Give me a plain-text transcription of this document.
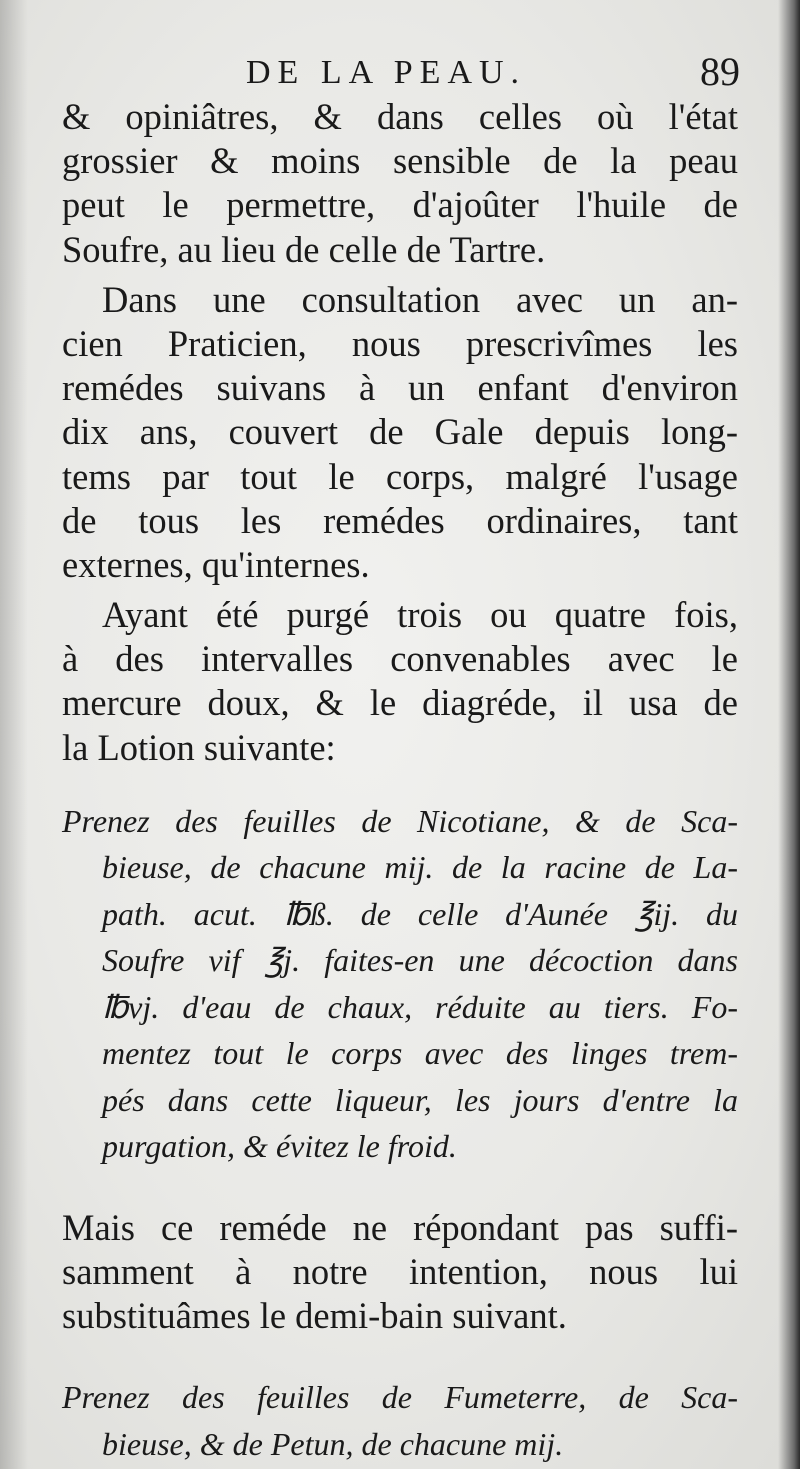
DE LA PEAU.	89

& opiniâtres, & dans celles où l'état
grossier & moins sensible de la peau
peut le permettre, d'ajoûter l'huile de
Soufre, au lieu de celle de Tartre.

Dans une consultation avec un an-
cien Praticien, nous prescrivîmes les
remédes suivans à un enfant d'environ
dix ans, couvert de Gale depuis long-
tems par tout le corps, malgré l'usage
de tous les remédes ordinaires, tant
externes, qu'internes.

Ayant été purgé trois ou quatre fois,
à des intervalles convenables avec le
mercure doux, & le diagréde, il usa de
la Lotion suivante:

Prenez des feuilles de Nicotiane, & de Sca-
bieuse, de chacune mij. de la racine de La-
path. acut. ℔ß. de celle d'Aunée ℥ij. du
Soufre vif ℥j. faites-en une décoction dans
℔vj. d'eau de chaux, réduite au tiers. Fo-
mentez tout le corps avec des linges trem-
pés dans cette liqueur, les jours d'entre la
purgation, & évitez le froid.

Mais ce reméde ne répondant pas suffi-
samment à notre intention, nous lui
substituâmes le demi-bain suivant.

Prenez des feuilles de Fumeterre, de Sca-
bieuse, & de Petun, de chacune mij.
